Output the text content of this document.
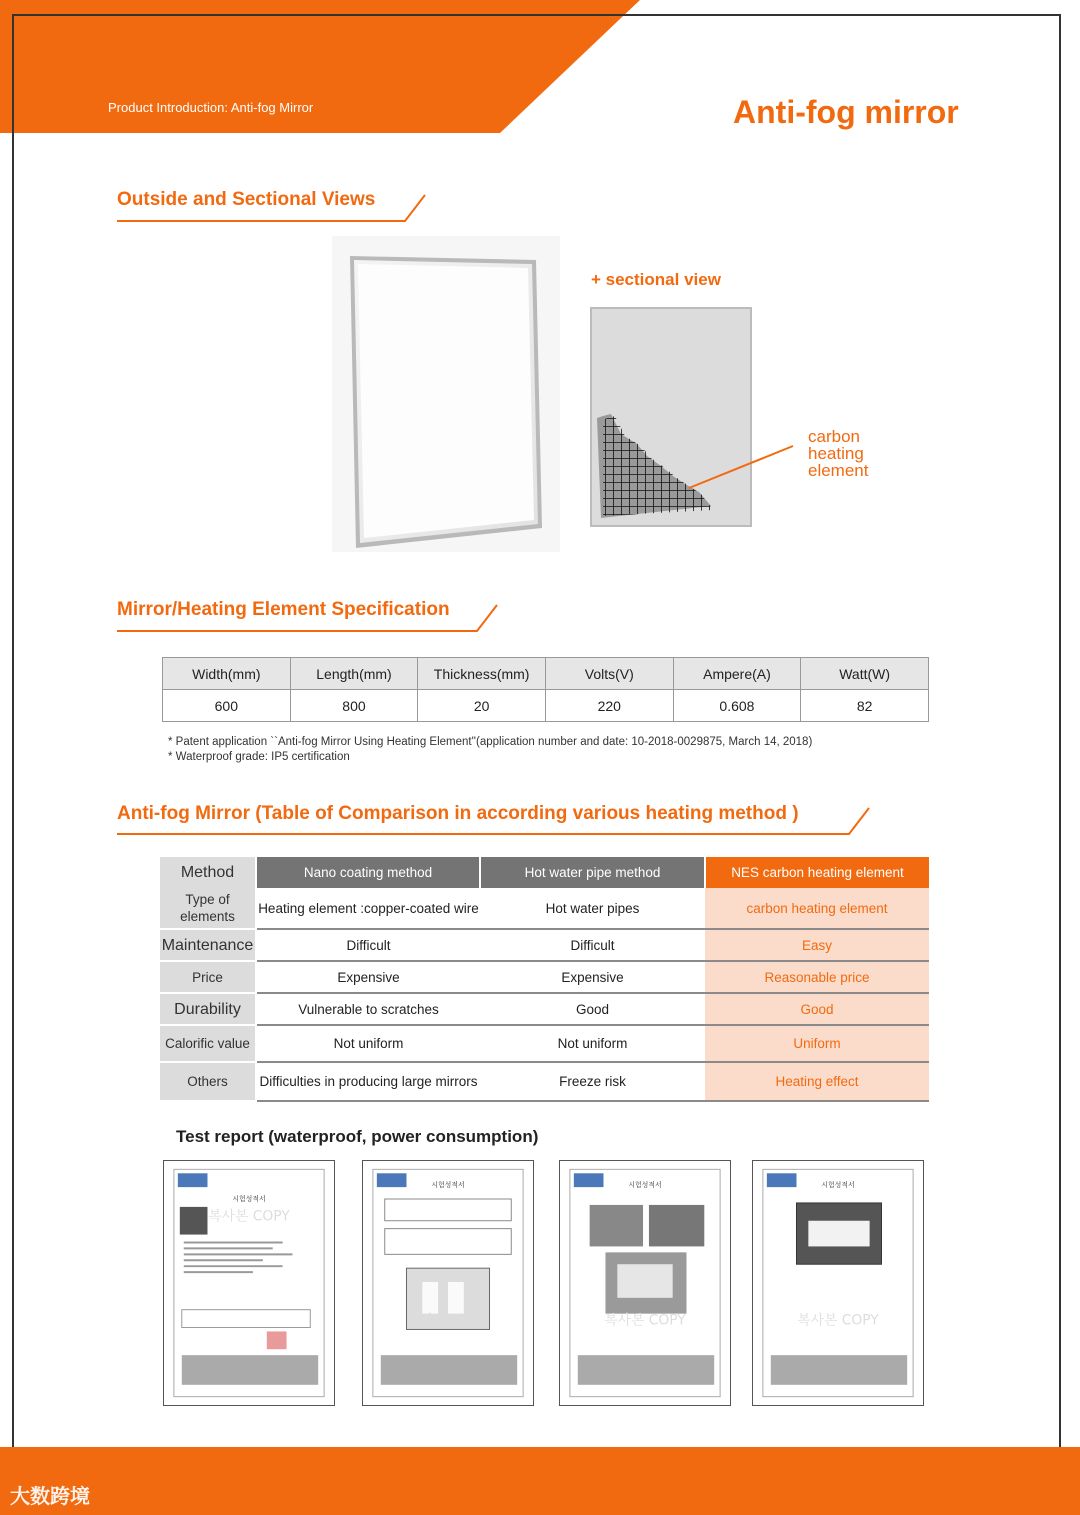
Product Introduction: Anti-fog Mirror	Anti-fog mirror
Outside and Sectional Views
+ sectional view
carbon
heating
element
Mirror/Heating Element Specification
Width(mm)	Length(mm)	Thickness(mm)	Volts(V)	Ampere(A)	Watt(W)
600	800	20	220	0.608	82
* Patent application ``Anti-fog Mirror Using Heating Element''(application number and date: 10-2018-0029875, March 14, 2018)
* Waterproof grade: IP5 certification
Anti-fog Mirror (Table of Comparison in according various heating method )
Method	Nano coating method	Hot water pipe method	NES carbon heating element
Type of elements	Heating element :copper-coated wire	Hot water pipes	carbon heating element
Maintenance	Difficult	Difficult	Easy
Price	Expensive	Expensive	Reasonable price
Durability	Vulnerable to scratches	Good	Good
Calorific value	Not uniform	Not uniform	Uniform
Others	Difficulties in producing large mirrors	Freeze risk	Heating effect
Test report (waterproof, power consumption)
시험성적서
복사본 COPY
시험성적서
복사본 COPY
시험성적서
복사본 COPY
시험성적서
복사본 COPY
大数跨境
